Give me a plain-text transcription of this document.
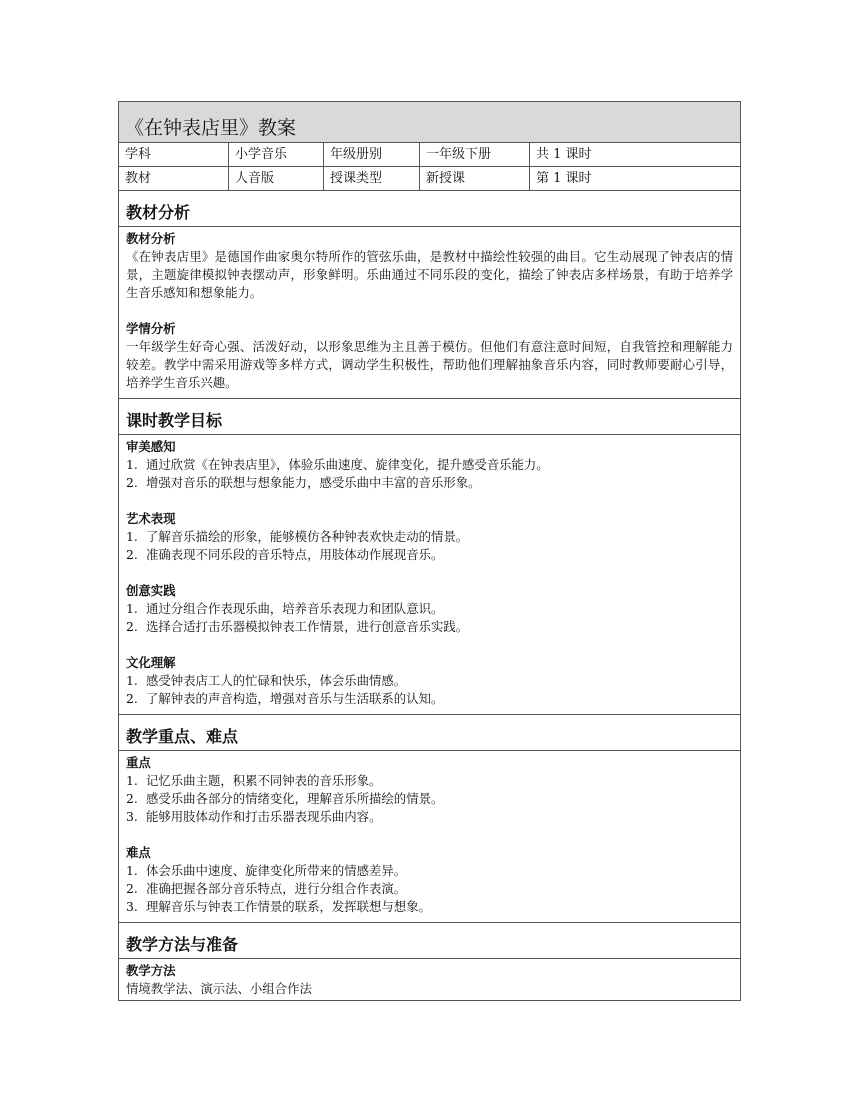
《在钟表店里》教案
学科	小学音乐	年级册别	一年级下册	共 1 课时
教材	人音版	授课类型	新授课	第 1 课时
教材分析
教材分析
《在钟表店里》是德国作曲家奥尔特所作的管弦乐曲，是教材中描绘性较强的曲目。它生动展现了钟表店的情景，主题旋律模拟钟表摆动声，形象鲜明。乐曲通过不同乐段的变化，描绘了钟表店多样场景，有助于培养学生音乐感知和想象能力。
学情分析
一年级学生好奇心强、活泼好动，以形象思维为主且善于模仿。但他们有意注意时间短，自我管控和理解能力较差。教学中需采用游戏等多样方式，调动学生积极性，帮助他们理解抽象音乐内容，同时教师要耐心引导，培养学生音乐兴趣。
课时教学目标
审美感知
1. 通过欣赏《在钟表店里》，体验乐曲速度、旋律变化，提升感受音乐能力。
2. 增强对音乐的联想与想象能力，感受乐曲中丰富的音乐形象。
艺术表现
1. 了解音乐描绘的形象，能够模仿各种钟表欢快走动的情景。
2. 准确表现不同乐段的音乐特点，用肢体动作展现音乐。
创意实践
1. 通过分组合作表现乐曲，培养音乐表现力和团队意识。
2. 选择合适打击乐器模拟钟表工作情景，进行创意音乐实践。
文化理解
1. 感受钟表店工人的忙碌和快乐，体会乐曲情感。
2. 了解钟表的声音构造，增强对音乐与生活联系的认知。
教学重点、难点
重点
1. 记忆乐曲主题，积累不同钟表的音乐形象。
2. 感受乐曲各部分的情绪变化，理解音乐所描绘的情景。
3. 能够用肢体动作和打击乐器表现乐曲内容。
难点
1. 体会乐曲中速度、旋律变化所带来的情感差异。
2. 准确把握各部分音乐特点，进行分组合作表演。
3. 理解音乐与钟表工作情景的联系，发挥联想与想象。
教学方法与准备
教学方法
情境教学法、演示法、小组合作法
